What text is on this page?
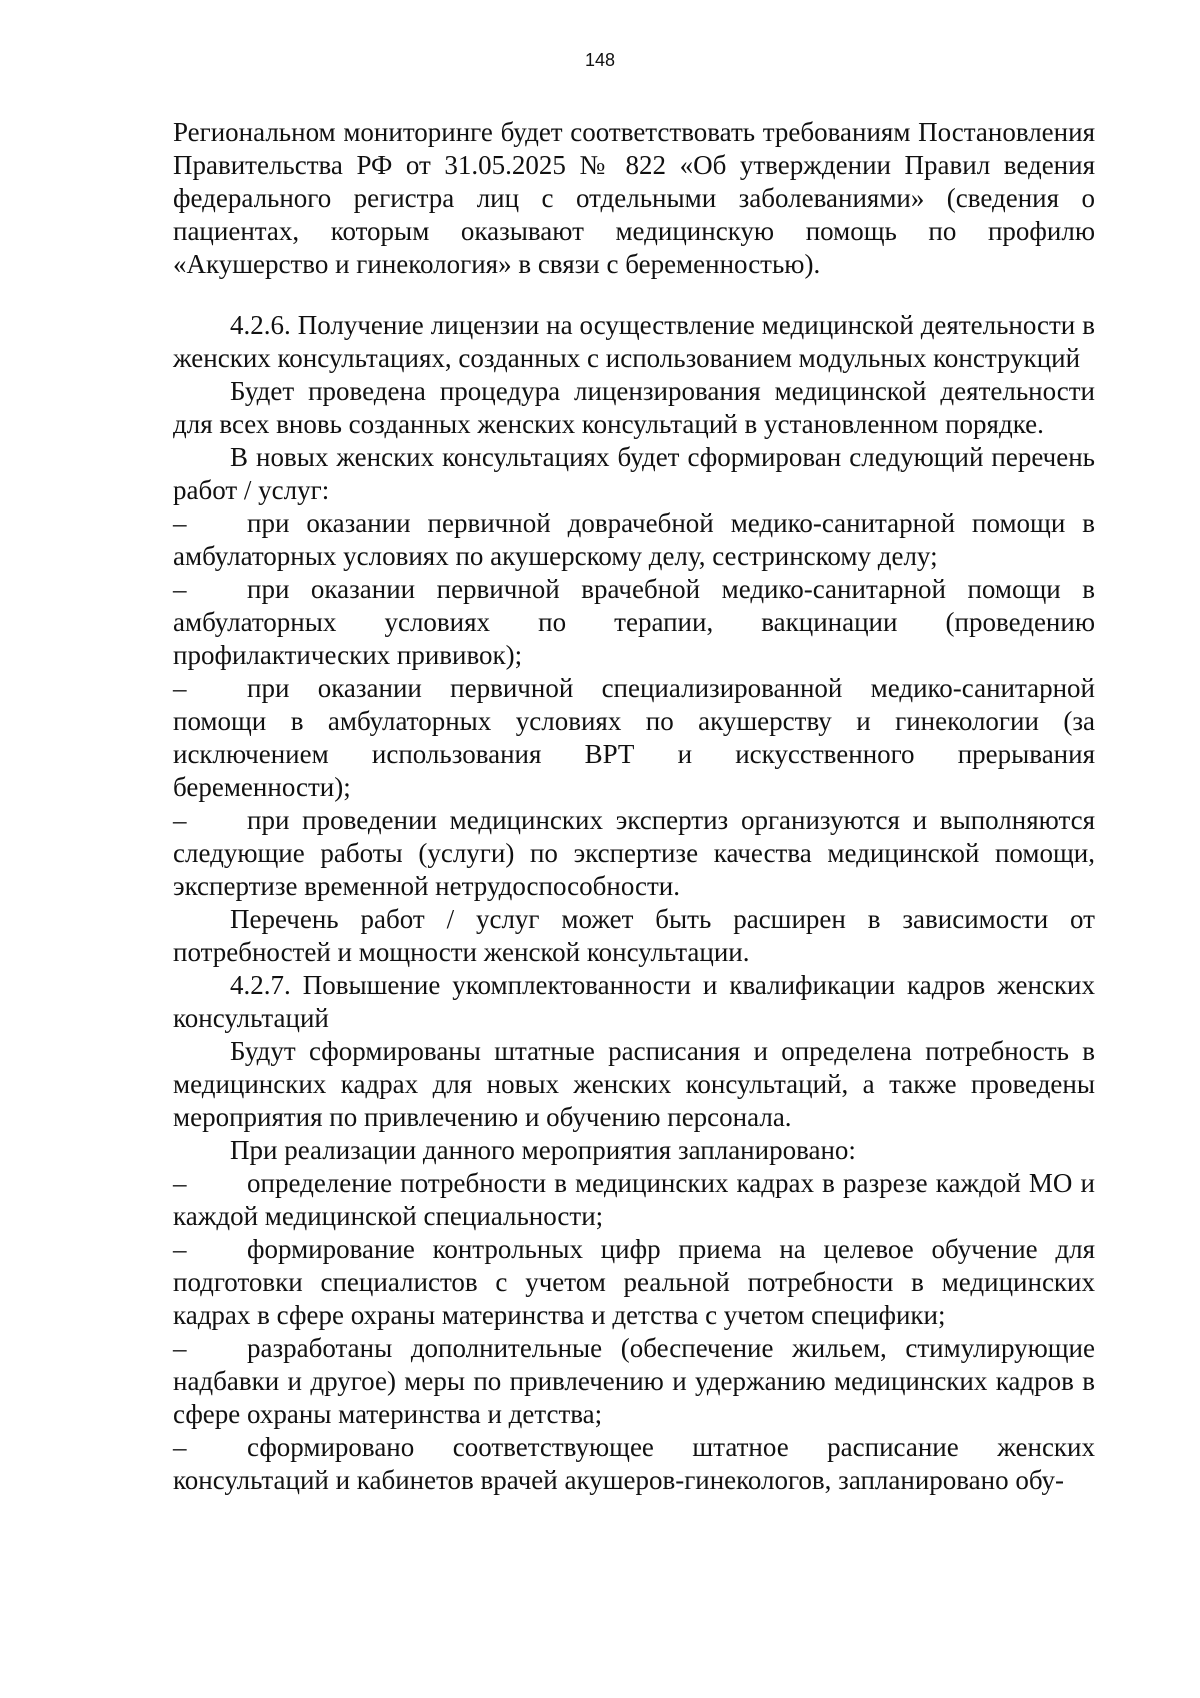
148

Региональном мониторинге будет соответствовать требованиям Постановления Правительства РФ от 31.05.2025 № 822 «Об утверждении Правил ведения федерального регистра лиц с отдельными заболеваниями» (сведения о пациентах, которым оказывают медицинскую помощь по профилю «Акушерство и гинекология» в связи с беременностью).

4.2.6. Получение лицензии на осуществление медицинской деятельности в женских консультациях, созданных с использованием модульных конструкций

Будет проведена процедура лицензирования медицинской деятельности для всех вновь созданных женских консультаций в установленном порядке.

В новых женских консультациях будет сформирован следующий перечень работ / услуг:

– при оказании первичной доврачебной медико-санитарной помощи в амбулаторных условиях по акушерскому делу, сестринскому делу;

– при оказании первичной врачебной медико-санитарной помощи в амбулаторных условиях по терапии, вакцинации (проведению профилактических прививок);

– при оказании первичной специализированной медико-санитарной помощи в амбулаторных условиях по акушерству и гинекологии (за исключением использования ВРТ и искусственного прерывания беременности);

– при проведении медицинских экспертиз организуются и выполняются следующие работы (услуги) по экспертизе качества медицинской помощи, экспертизе временной нетрудоспособности.

Перечень работ / услуг может быть расширен в зависимости от потребностей и мощности женской консультации.

4.2.7. Повышение укомплектованности и квалификации кадров женских консультаций

Будут сформированы штатные расписания и определена потребность в медицинских кадрах для новых женских консультаций, а также проведены мероприятия по привлечению и обучению персонала.

При реализации данного мероприятия запланировано:

– определение потребности в медицинских кадрах в разрезе каждой МО и каждой медицинской специальности;

– формирование контрольных цифр приема на целевое обучение для подготовки специалистов с учетом реальной потребности в медицинских кадрах в сфере охраны материнства и детства с учетом специфики;

– разработаны дополнительные (обеспечение жильем, стимулирующие надбавки и другое) меры по привлечению и удержанию медицинских кадров в сфере охраны материнства и детства;

– сформировано соответствующее штатное расписание женских консультаций и кабинетов врачей акушеров-гинекологов, запланировано обу-
